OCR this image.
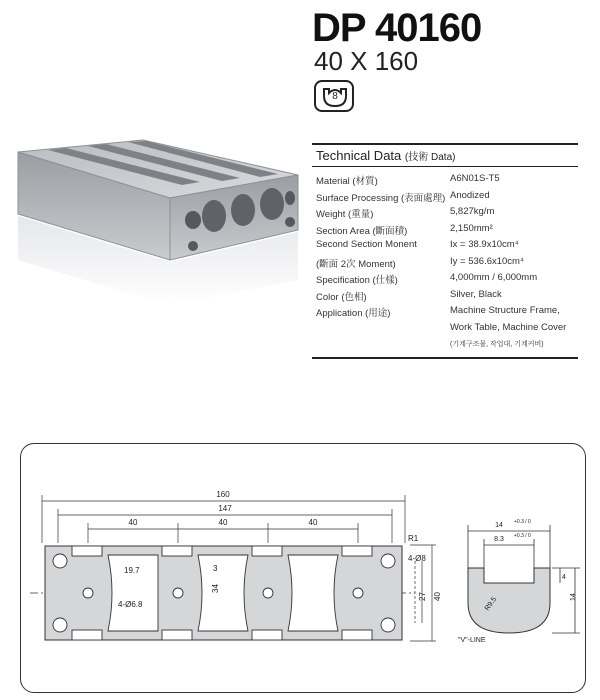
DP 40160
40 X 160
8
Technical Data (技術 Data)
Material (材質)	A6N01S-T5
Surface Processing (表面處理) Anodized
Weight (重量)	5,827kg/m
Section Area (斷面積)	2,150mm²
Second Section Monent	Ix = 38.9x10cm⁴
(斷面 2次 Moment)	Iy = 536.6x10cm⁴
Specification (仕樣)	4,000mm / 6,000mm
Color (色相)	Silver, Black
Application (用途)	Machine Structure Frame,
Work Table, Machine Cover
(기계구조물, 작업대, 기계커버)
160
147
40	40	40
R1
4-Ø8
4-Ø6.8
19.7	3
34
27 40
14 +0.3 / 0
8.3 +0.3 / 0
4
14
R9.5
"V"-LINE
